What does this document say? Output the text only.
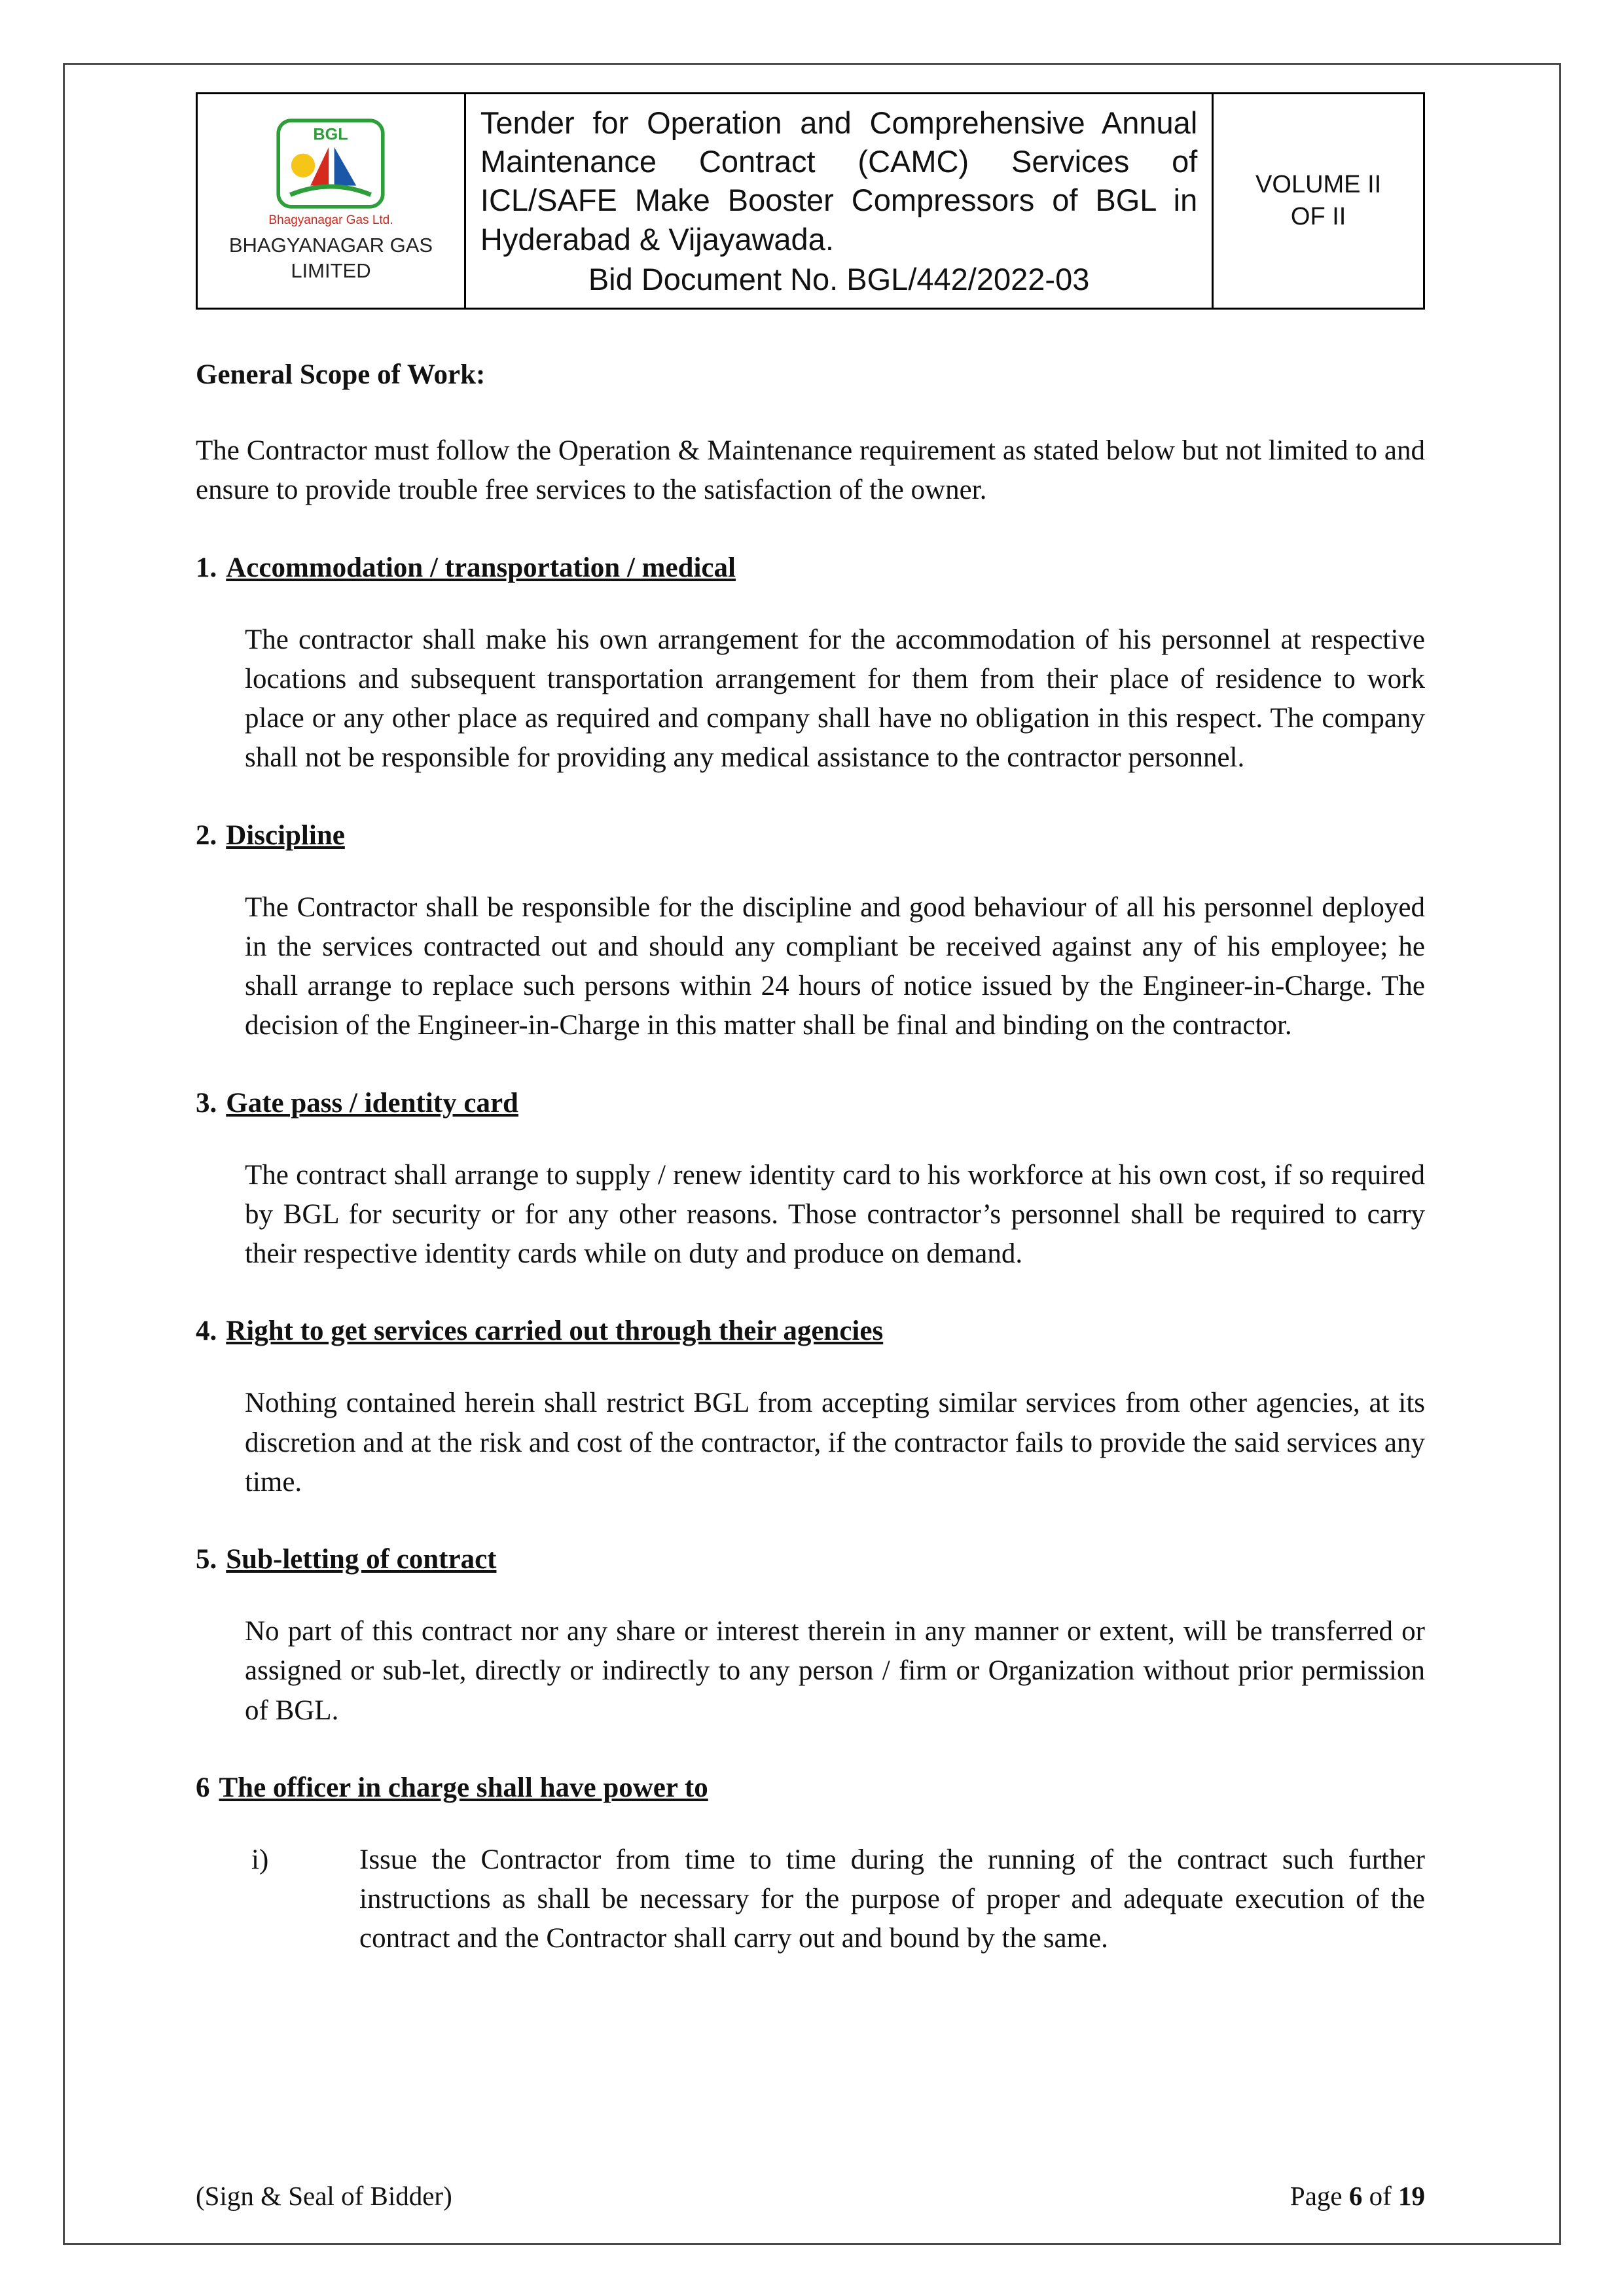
BGL
Bhagyanagar Gas Ltd.
BHAGYANAGAR GAS LIMITED

Tender for Operation and Comprehensive Annual Maintenance Contract (CAMC) Services of ICL/SAFE Make Booster Compressors of BGL in Hyderabad & Vijayawada.
Bid Document No. BGL/442/2022-03

VOLUME II
OF II
General Scope of Work:

The Contractor must follow the Operation & Maintenance requirement as stated below but not limited to and ensure to provide trouble free services to the satisfaction of the owner.

1. Accommodation / transportation / medical

The contractor shall make his own arrangement for the accommodation of his personnel at respective locations and subsequent transportation arrangement for them from their place of residence to work place or any other place as required and company shall have no obligation in this respect. The company shall not be responsible for providing any medical assistance to the contractor personnel.

2. Discipline

The Contractor shall be responsible for the discipline and good behaviour of all his personnel deployed in the services contracted out and should any compliant be received against any of his employee; he shall arrange to replace such persons within 24 hours of notice issued by the Engineer-in-Charge. The decision of the Engineer-in-Charge in this matter shall be final and binding on the contractor.

3. Gate pass / identity card

The contract shall arrange to supply / renew identity card to his workforce at his own cost, if so required by BGL for security or for any other reasons. Those contractor’s personnel shall be required to carry their respective identity cards while on duty and produce on demand.

4. Right to get services carried out through their agencies

Nothing contained herein shall restrict BGL from accepting similar services from other agencies, at its discretion and at the risk and cost of the contractor, if the contractor fails to provide the said services any time.

5. Sub-letting of contract

No part of this contract nor any share or interest therein in any manner or extent, will be transferred or assigned or sub-let, directly or indirectly to any person / firm or Organization without prior permission of BGL.

6 The officer in charge shall have power to
i)	Issue the Contractor from time to time during the running of the contract such further instructions as shall be necessary for the purpose of proper and adequate execution of the contract and the Contractor shall carry out and bound by the same.
(Sign & Seal of Bidder)	Page 6 of 19
